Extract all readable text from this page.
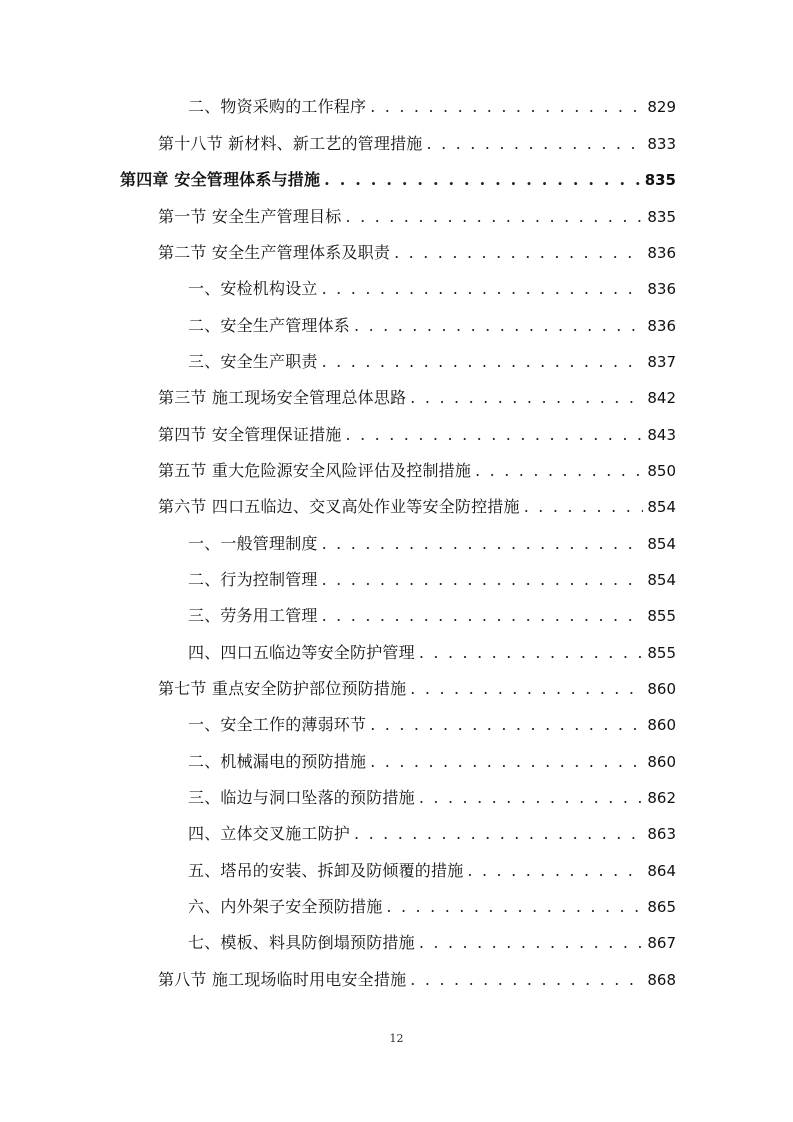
二、物资采购的工作程序 . . .	829
第十八节 新材料、新工艺的管理措施 . . .	833
第四章 安全管理体系与措施 . . .	835
第一节 安全生产管理目标 . . .	835
第二节 安全生产管理体系及职责 . . .	836
一、安检机构设立 . . .	836
二、安全生产管理体系 . . .	836
三、安全生产职责 . . .	837
第三节 施工现场安全管理总体思路 . . .	842
第四节 安全管理保证措施 . . .	843
第五节 重大危险源安全风险评估及控制措施 . . .	850
第六节 四口五临边、交叉高处作业等安全防控措施 . . .	854
一、一般管理制度 . . .	854
二、行为控制管理 . . .	854
三、劳务用工管理 . . .	855
四、四口五临边等安全防护管理 . . .	855
第七节 重点安全防护部位预防措施 . . .	860
一、安全工作的薄弱环节 . . .	860
二、机械漏电的预防措施 . . .	860
三、临边与洞口坠落的预防措施 . . .	862
四、立体交叉施工防护 . . .	863
五、塔吊的安装、拆卸及防倾覆的措施 . . .	864
六、内外架子安全预防措施 . . .	865
七、模板、料具防倒塌预防措施 . . .	867
第八节 施工现场临时用电安全措施 . . .	868
12
